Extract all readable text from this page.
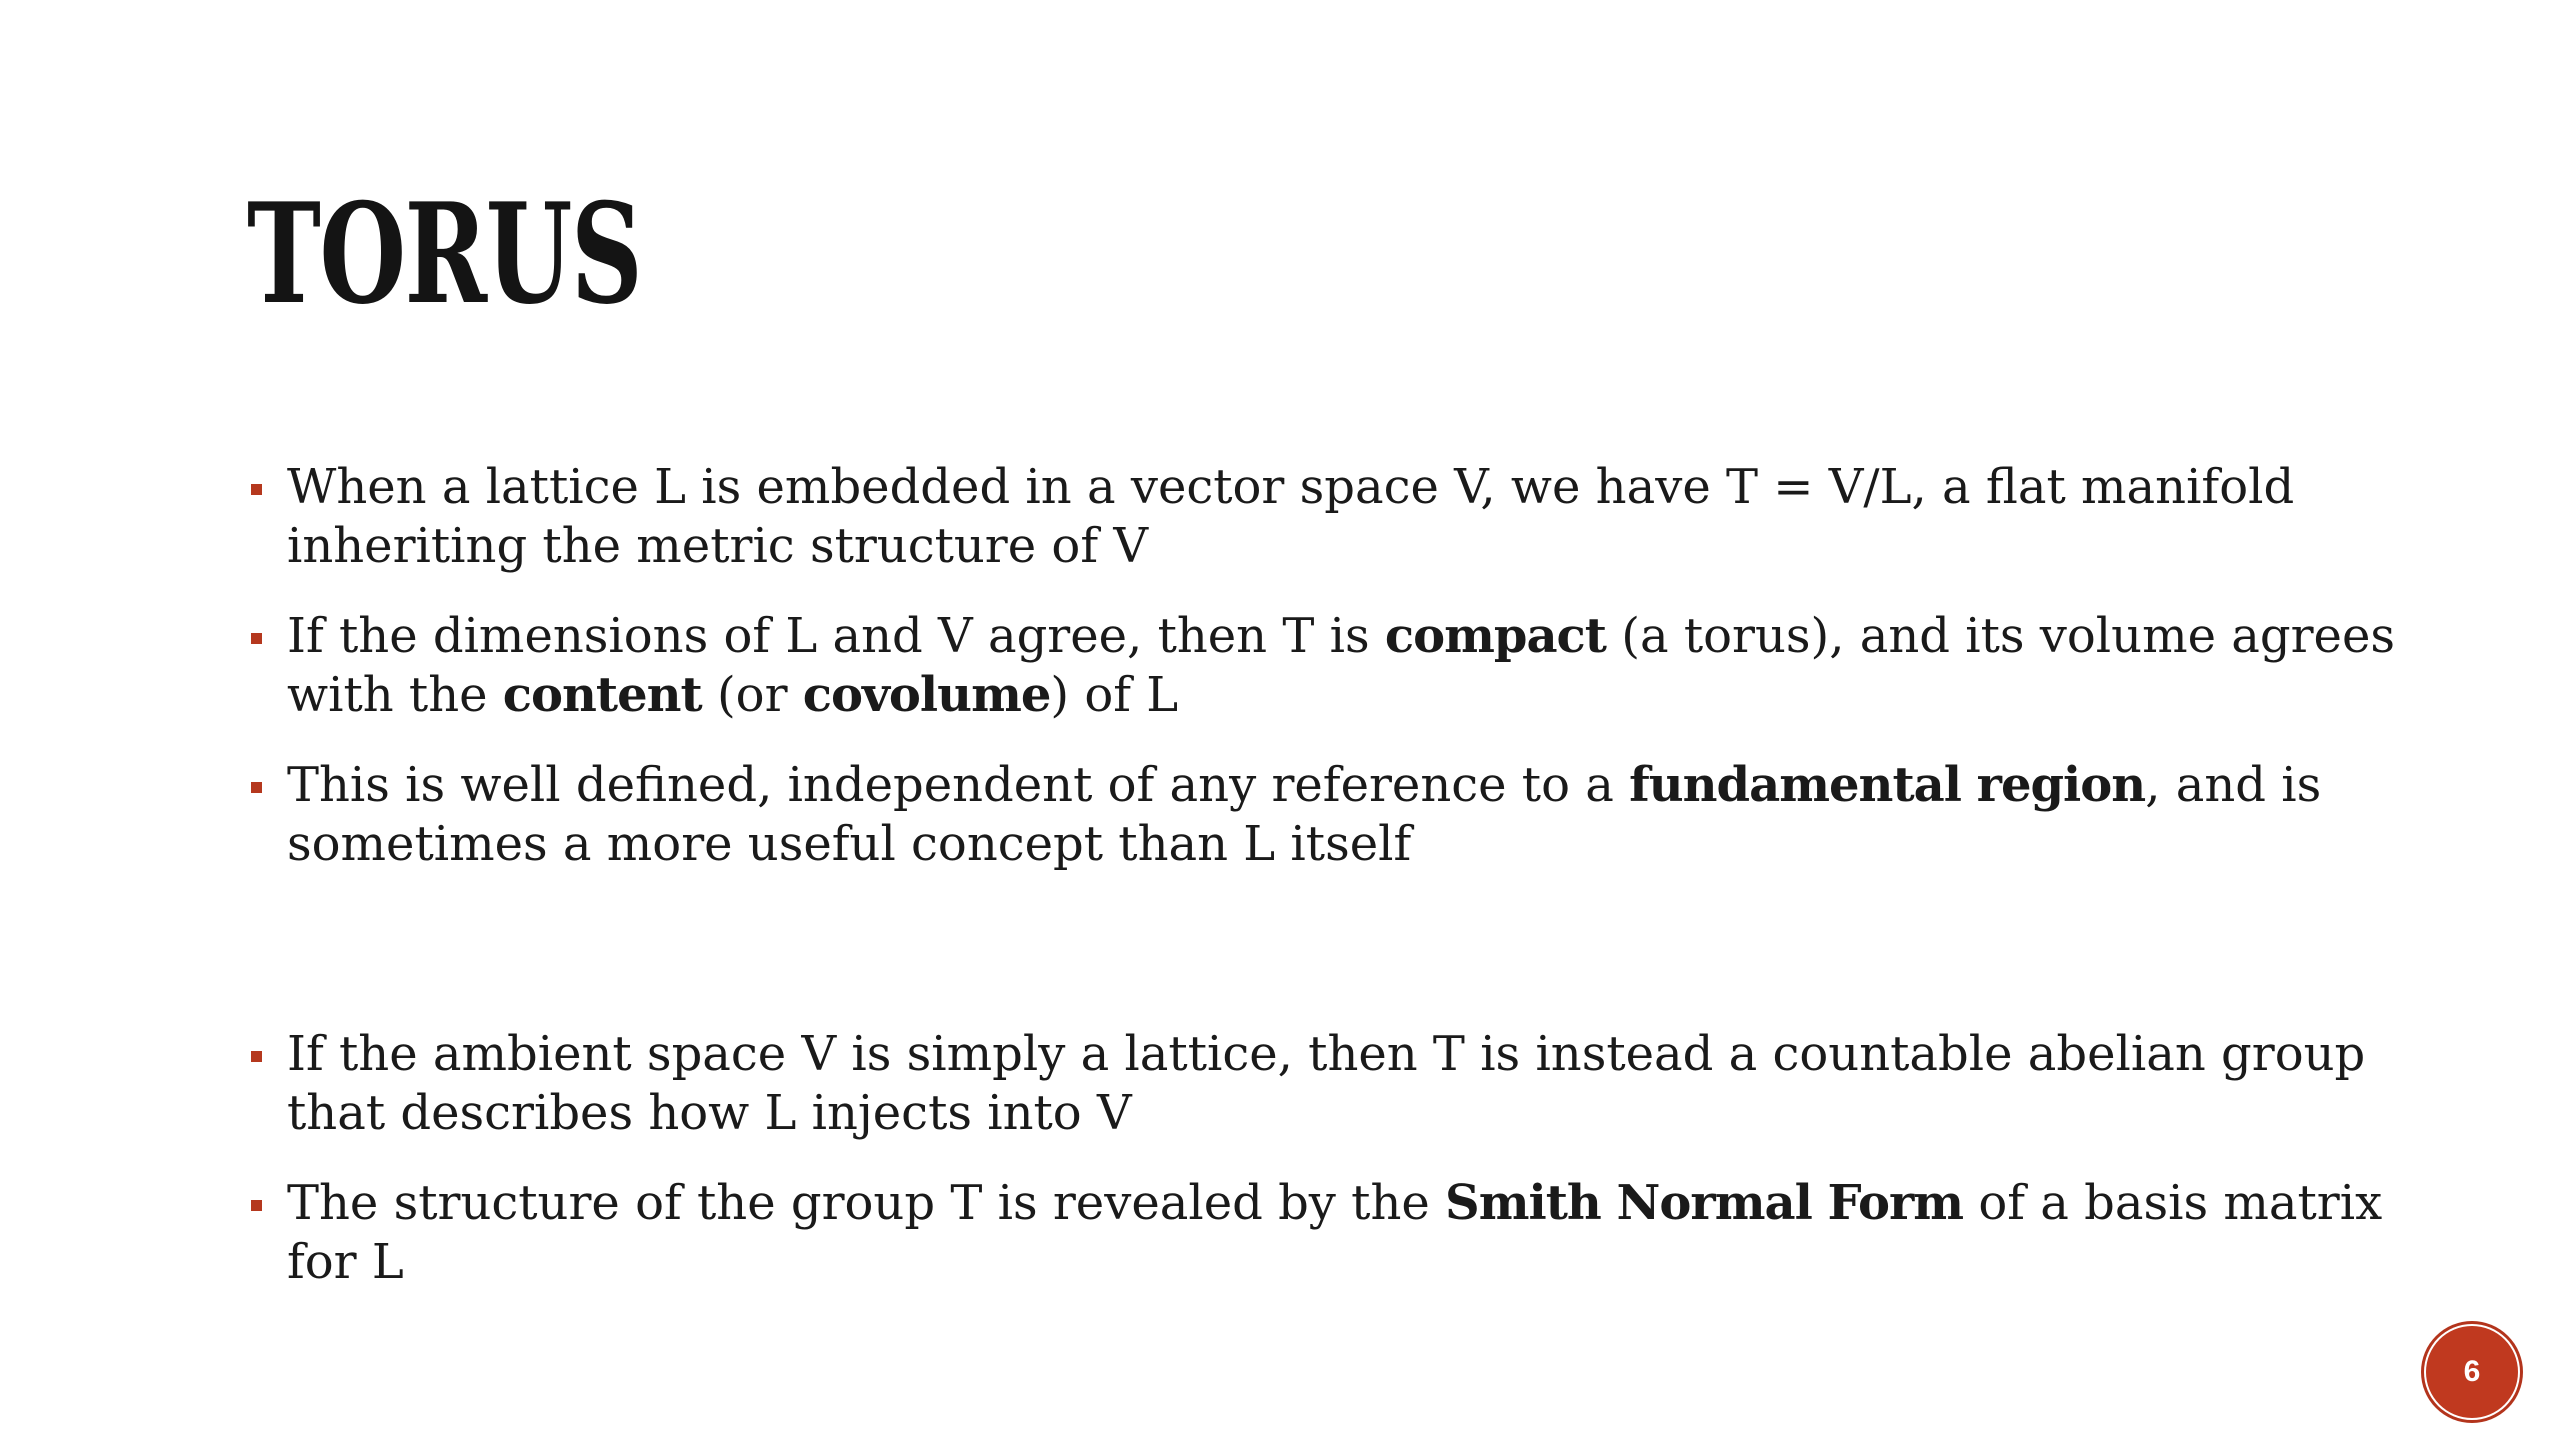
TORUS
When a lattice L is embedded in a vector space V, we have T = V/L, a flat manifold inheriting the metric structure of V
If the dimensions of L and V agree, then T is compact (a torus), and its volume agrees with the content (or covolume) of L
This is well defined, independent of any reference to a fundamental region, and is sometimes a more useful concept than L itself
If the ambient space V is simply a lattice, then T is instead a countable abelian group that describes how L injects into V
The structure of the group T is revealed by the Smith Normal Form of a basis matrix for L
6
